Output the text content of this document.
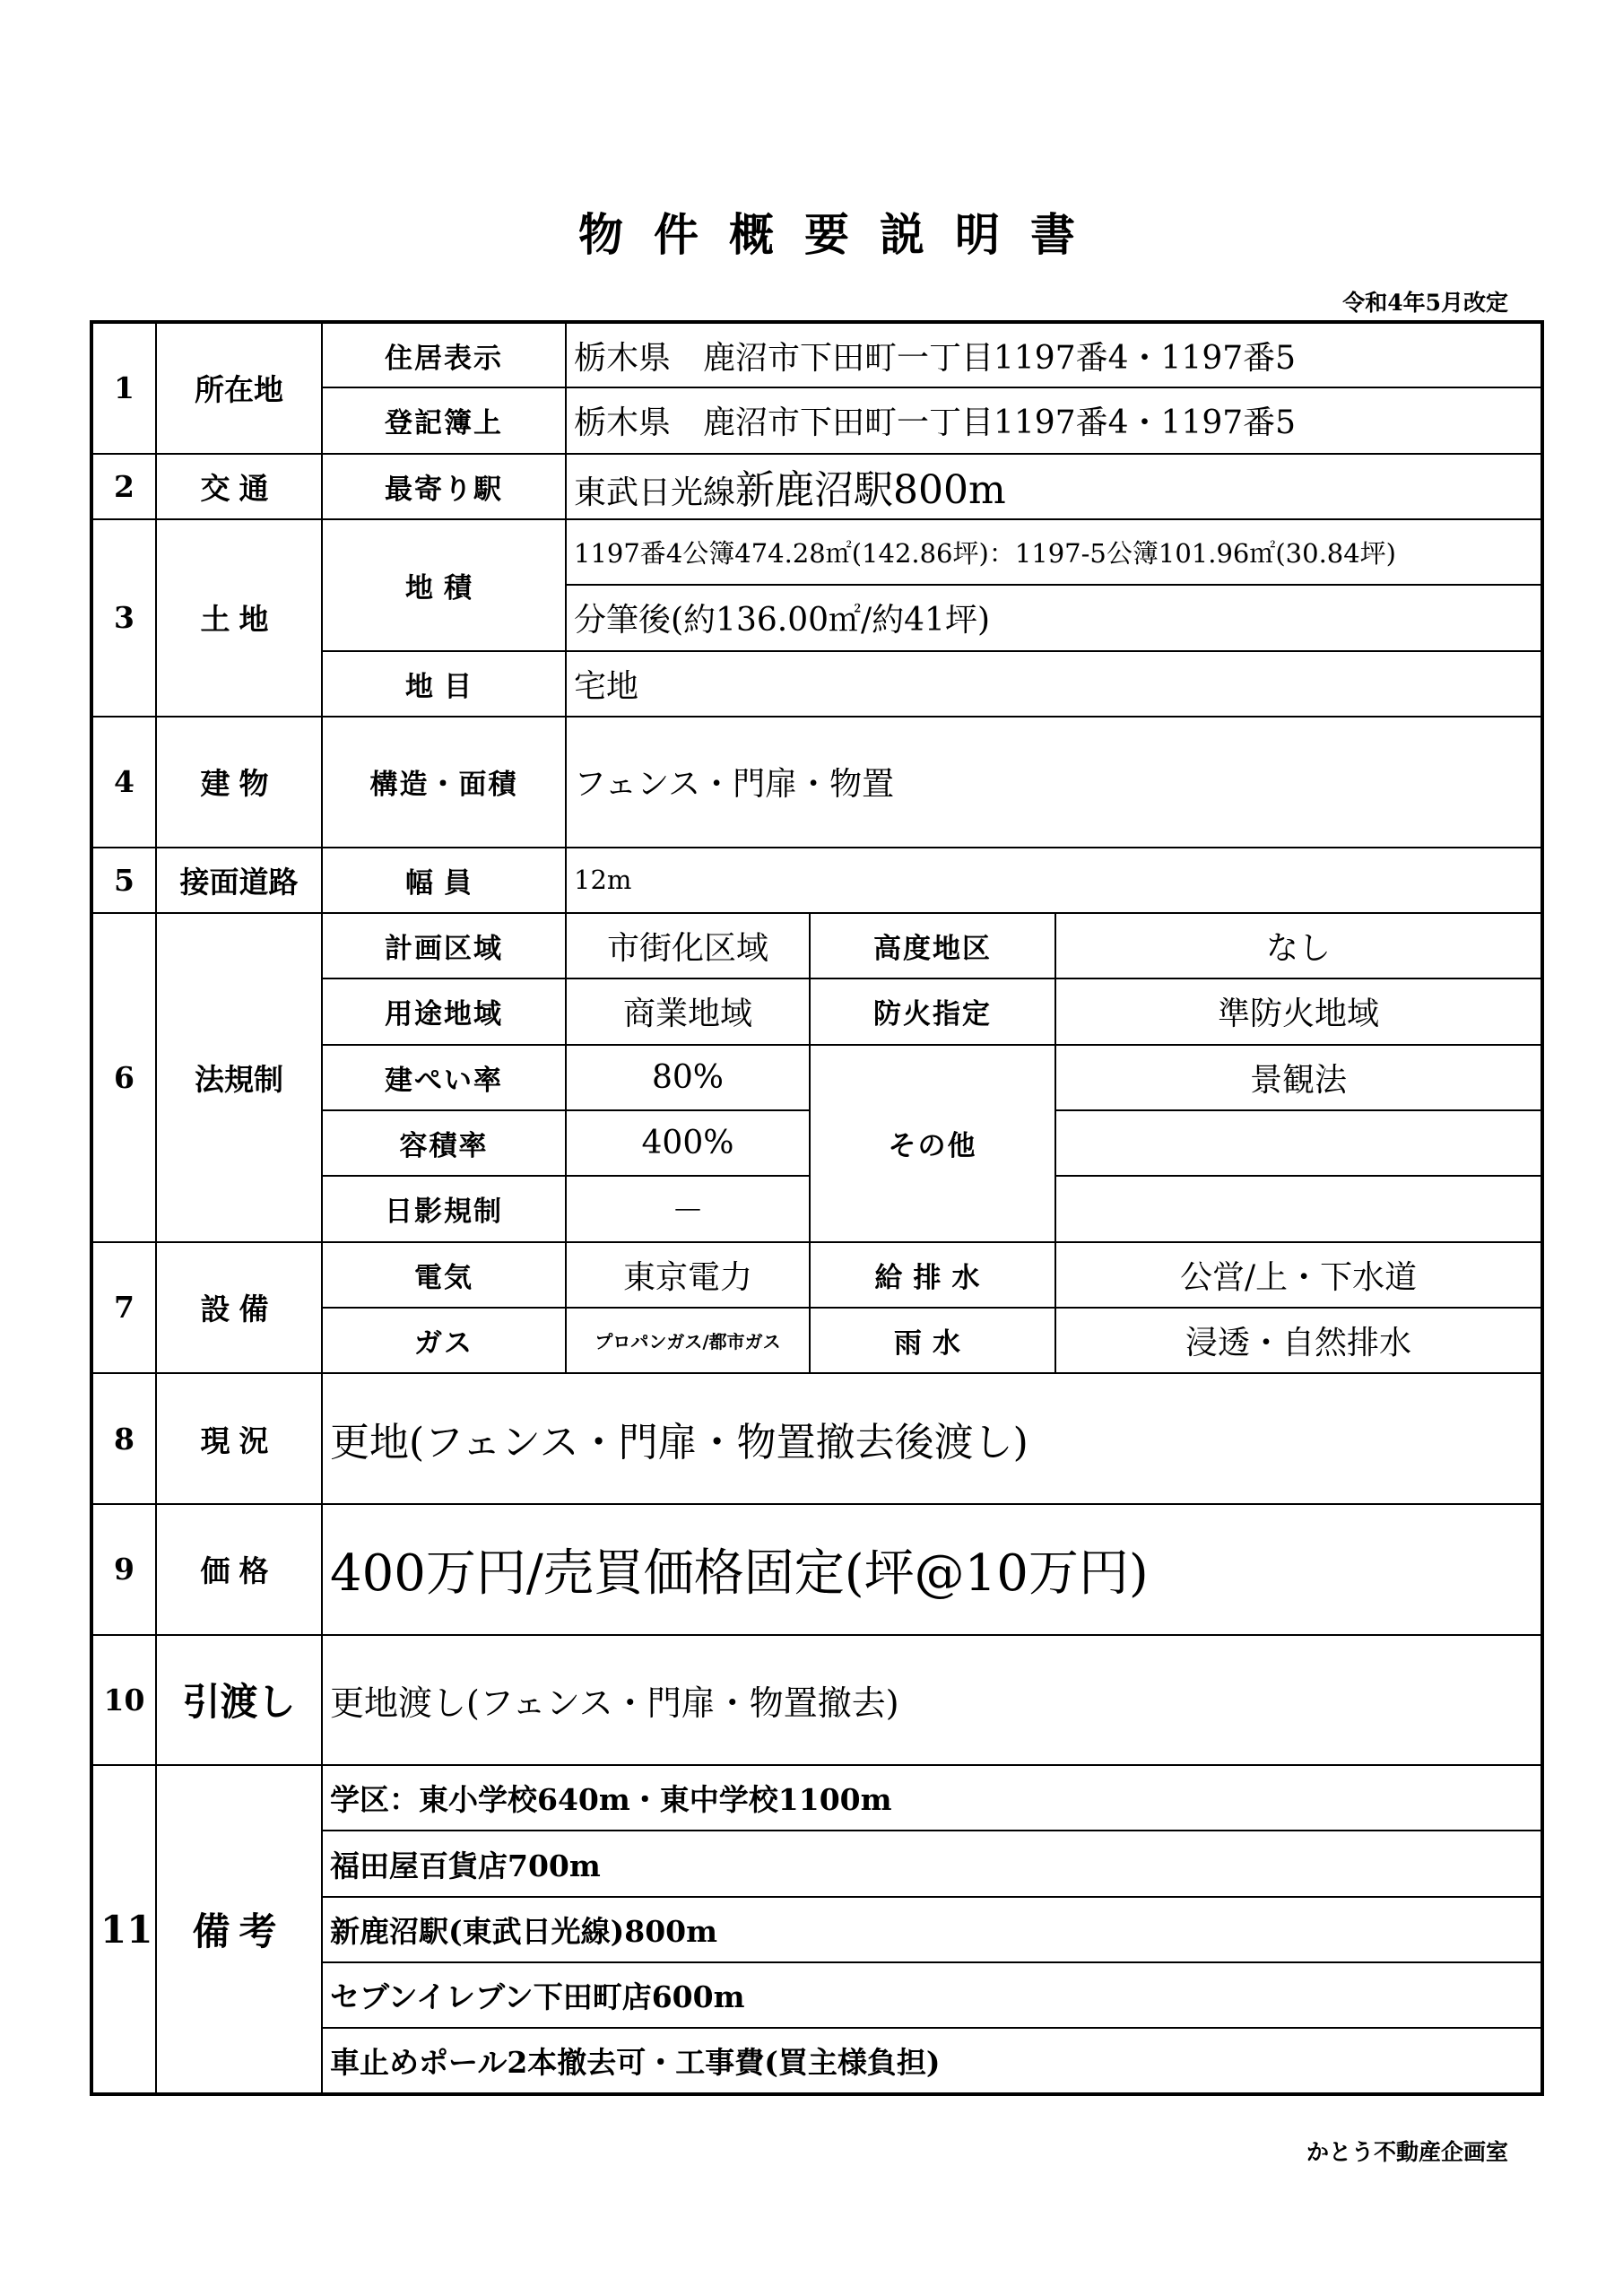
物件概要説明書
令和4年5月改定
1	所在地	住居表示	栃木県　鹿沼市下田町一丁目1197番4・1197番5		
		登記簿上	栃木県　鹿沼市下田町一丁目1197番4・1197番5		
2	交通	最寄り駅	東武日光線新鹿沼駅800m		
3	土地	地積	1197番4公簿474.28㎡(142.86坪)：1197-5公簿101.96㎡(30.84坪)		
			分筆後(約136.00㎡/約41坪)		
		地目	宅地		
4	建物	構造・面積	フェンス・門扉・物置		
5	接面道路	幅員	12m		
6	法規制	計画区域	市街化区域	高度地区	なし
		用途地域	商業地域	防火指定	準防火地域
		建ぺい率	80%	その他	景観法
		容積率	400%		
		日影規制	－		
7	設備	電気	東京電力	給排水	公営/上・下水道
		ガス	プロパンガス/都市ガス	雨水	浸透・自然排水
8	現況	更地(フェンス・門扉・物置撤去後渡し)			
9	価格	400万円/売買価格固定(坪@10万円)			
10	引渡し	更地渡し(フェンス・門扉・物置撤去)			
11	備考	学区：東小学校640m・東中学校1100m			
		福田屋百貨店700m			
		新鹿沼駅(東武日光線)800m			
		セブンイレブン下田町店600m			
		車止めポール2本撤去可・工事費(買主様負担)			
かとう不動産企画室
